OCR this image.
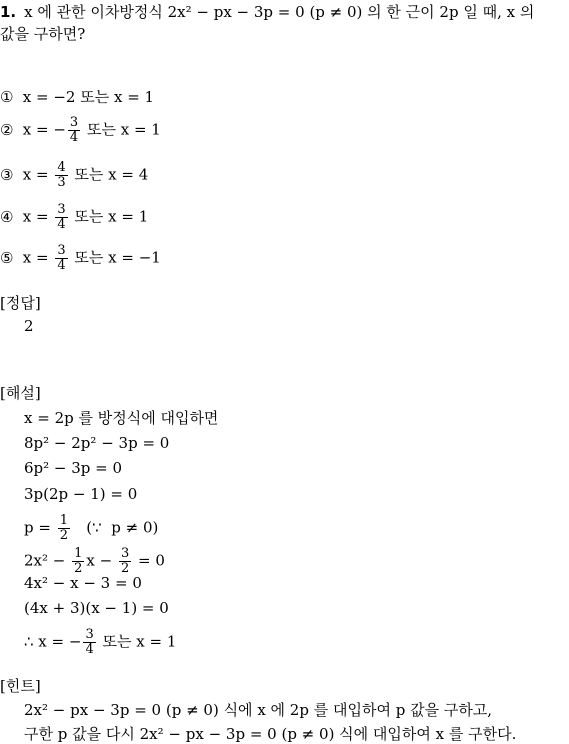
1. x 에 관한 이차방정식 2x² − px − 3p = 0 (p ≠ 0) 의 한 근이 2p 일 때, x 의
값을 구하면?
① x = −2 또는 x = 1
② x = − $\frac{3}{4}$ 또는 x = 1
③ $x = \frac{4}{3}$ 또는 x = 4
④ $x = \frac{3}{4}$ 또는 x = 1
⑤ $x = \frac{3}{4}$ 또는 x = −1
[정답]
2
[해설]
x = 2p 를 방정식에 대입하면
8p² − 2p² − 3p = 0
6p² − 3p = 0
3p(2p − 1) = 0
$p = \frac{1}{2}$ (∵  p ≠ 0)
$2x^2 - \frac{1}{2}$ $x - \frac{3}{2} = 0$
4x² − x − 3 = 0
(4x + 3)(x − 1) = 0
∴ x = − $\frac{3}{4}$ 또는 x = 1
[힌트]
2x² − px − 3p = 0 (p ≠ 0) 식에 x 에 2p 를 대입하여 p 값을 구하고,
구한 p 값을 다시 2x² − px − 3p = 0 (p ≠ 0) 식에 대입하여 x 를 구한다.
